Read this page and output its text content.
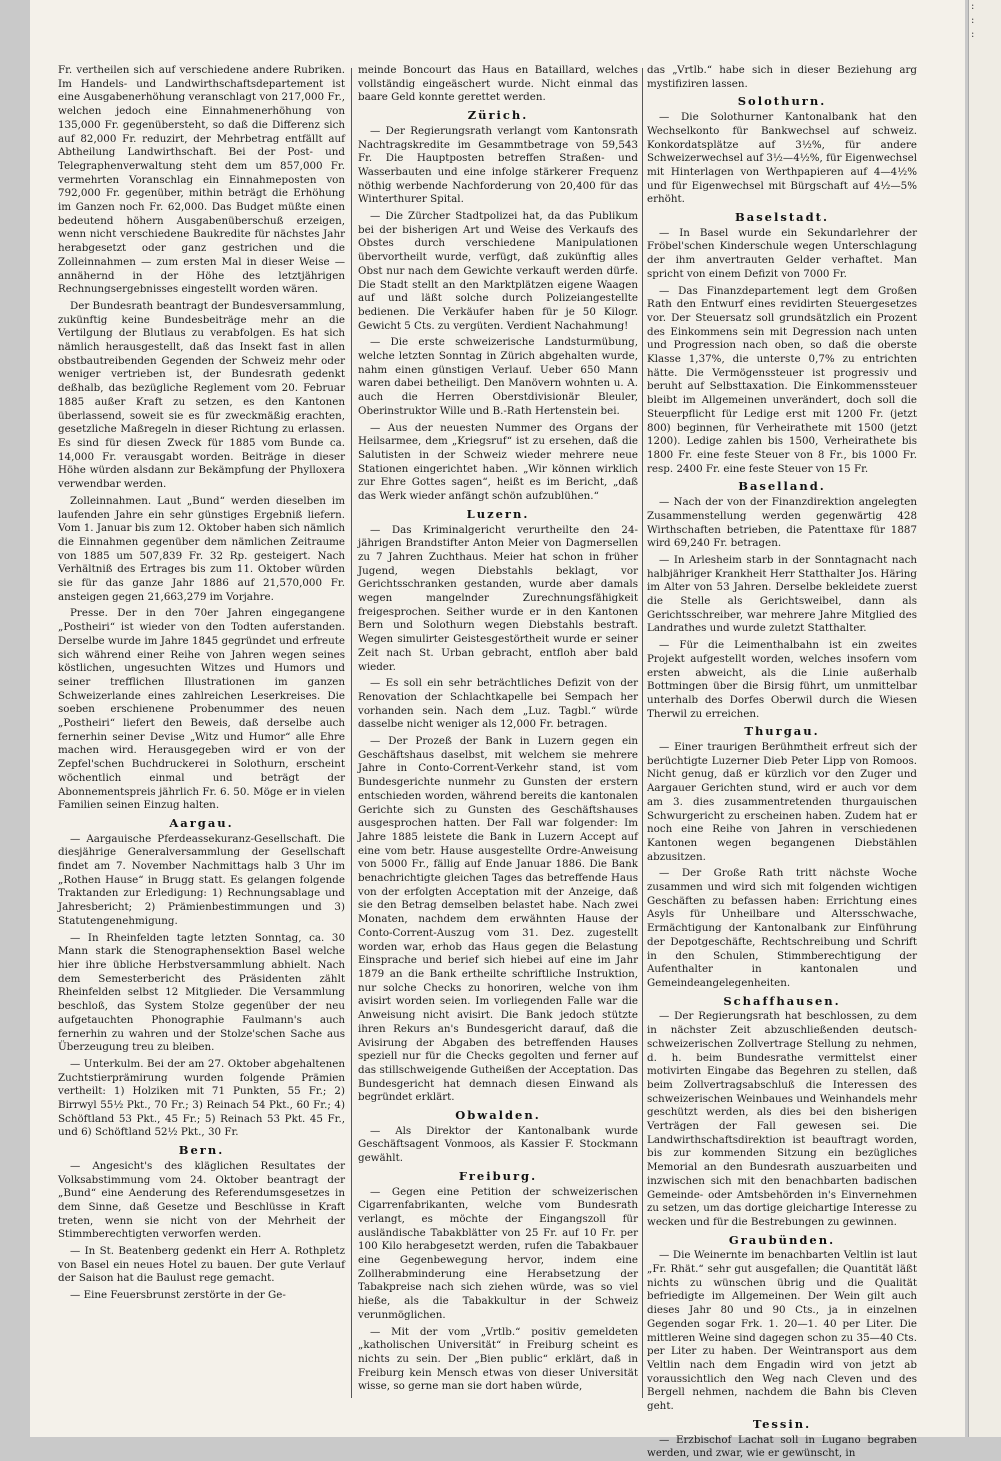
Fr. vertheilen sich auf verschiedene andere Rubriken. Im Handels- und Landwirthschaftsdepartement ist eine Ausgabenerhöhung veranschlagt von 217,000 Fr., welchen jedoch eine Einnahmenerhöhung von 135,000 Fr. gegenübersteht, so daß die Differenz sich auf 82,000 Fr. reduzirt, der Mehrbetrag entfällt auf Abtheilung Landwirthschaft. Bei der Post- und Telegraphenverwaltung steht dem um 857,000 Fr. vermehrten Voranschlag ein Einnahmeposten von 792,000 Fr. gegenüber, mithin beträgt die Erhöhung im Ganzen noch Fr. 62,000. Das Budget müßte einen bedeutend höhern Ausgabenüberschuß erzeigen, wenn nicht verschiedene Baukredite für nächstes Jahr herabgesetzt oder ganz gestrichen und die Zolleinnahmen — zum ersten Mal in dieser Weise — annähernd in der Höhe des letztjährigen Rechnungsergebnisses eingestellt worden wären.

Der Bundesrath beantragt der Bundesversammlung, zukünftig keine Bundesbeiträge mehr an die Vertilgung der Blutlaus zu verabfolgen. Es hat sich nämlich herausgestellt, daß das Insekt fast in allen obstbautreibenden Gegenden der Schweiz mehr oder weniger vertrieben ist, der Bundesrath gedenkt deßhalb, das bezügliche Reglement vom 20. Februar 1885 außer Kraft zu setzen, es den Kantonen überlassend, soweit sie es für zweckmäßig erachten, gesetzliche Maßregeln in dieser Richtung zu erlassen. Es sind für diesen Zweck für 1885 vom Bunde ca. 14,000 Fr. verausgabt worden. Beiträge in dieser Höhe würden alsdann zur Bekämpfung der Phylloxera verwendbar werden.

Zolleinnahmen. Laut „Bund“ werden dieselben im laufenden Jahre ein sehr günstiges Ergebniß liefern. Vom 1. Januar bis zum 12. Oktober haben sich nämlich die Einnahmen gegenüber dem nämlichen Zeitraume von 1885 um 507,839 Fr. 32 Rp. gesteigert. Nach Verhältniß des Ertrages bis zum 11. Oktober würden sie für das ganze Jahr 1886 auf 21,570,000 Fr. ansteigen gegen 21,663,279 im Vorjahre.

Presse. Der in den 70er Jahren eingegangene „Postheiri“ ist wieder von den Todten auferstanden. Derselbe wurde im Jahre 1845 gegründet und erfreute sich während einer Reihe von Jahren wegen seines köstlichen, ungesuchten Witzes und Humors und seiner trefflichen Illustrationen im ganzen Schweizerlande eines zahlreichen Leserkreises. Die soeben erschienene Probenummer des neuen „Postheiri“ liefert den Beweis, daß derselbe auch fernerhin seiner Devise „Witz und Humor“ alle Ehre machen wird. Herausgegeben wird er von der Zepfel'schen Buchdruckerei in Solothurn, erscheint wöchentlich einmal und beträgt der Abonnementspreis jährlich Fr. 6. 50. Möge er in vielen Familien seinen Einzug halten.

Aargau.

— Aargauische Pferdeassekuranz-Gesellschaft. Die diesjährige Generalversammlung der Gesellschaft findet am 7. November Nachmittags halb 3 Uhr im „Rothen Hause“ in Brugg statt. Es gelangen folgende Traktanden zur Erledigung: 1) Rechnungsablage und Jahresbericht; 2) Prämienbestimmungen und 3) Statutengenehmigung.

— In Rheinfelden tagte letzten Sonntag, ca. 30 Mann stark die Stenographensektion Basel welche hier ihre übliche Herbstversammlung abhielt. Nach dem Semesterbericht des Präsidenten zählt Rheinfelden selbst 12 Mitglieder. Die Versammlung beschloß, das System Stolze gegenüber der neu aufgetauchten Phonographie Faulmann's auch fernerhin zu wahren und der Stolze'schen Sache aus Überzeugung treu zu bleiben.

— Unterkulm. Bei der am 27. Oktober abgehaltenen Zuchtstierprämirung wurden folgende Prämien vertheilt: 1) Holziken mit 71 Punkten, 55 Fr.; 2) Birrwyl 55½ Pkt., 70 Fr.; 3) Reinach 54 Pkt., 60 Fr.; 4) Schöftland 53 Pkt., 45 Fr.; 5) Reinach 53 Pkt. 45 Fr., und 6) Schöftland 52½ Pkt., 30 Fr.

Bern.

— Angesicht's des kläglichen Resultates der Volksabstimmung vom 24. Oktober beantragt der „Bund“ eine Aenderung des Referendumsgesetzes in dem Sinne, daß Gesetze und Beschlüsse in Kraft treten, wenn sie nicht von der Mehrheit der Stimmberechtigten verworfen werden.

— In St. Beatenberg gedenkt ein Herr A. Rothpletz von Basel ein neues Hotel zu bauen. Der gute Verlauf der Saison hat die Baulust rege gemacht.

— Eine Feuersbrunst zerstörte in der Ge-

meinde Boncourt das Haus en Bataillard, welches vollständig eingeäschert wurde. Nicht einmal das baare Geld konnte gerettet werden.

Zürich.

— Der Regierungsrath verlangt vom Kantonsrath Nachtragskredite im Gesammtbetrage von 59,543 Fr. Die Hauptposten betreffen Straßen- und Wasserbauten und eine infolge stärkerer Frequenz nöthig werbende Nachforderung von 20,400 für das Winterthurer Spital.

— Die Zürcher Stadtpolizei hat, da das Publikum bei der bisherigen Art und Weise des Verkaufs des Obstes durch verschiedene Manipulationen übervortheilt wurde, verfügt, daß zukünftig alles Obst nur nach dem Gewichte verkauft werden dürfe. Die Stadt stellt an den Marktplätzen eigene Waagen auf und läßt solche durch Polizeiangestellte bedienen. Die Verkäufer haben für je 50 Kilogr. Gewicht 5 Cts. zu vergüten. Verdient Nachahmung!

— Die erste schweizerische Landsturmübung, welche letzten Sonntag in Zürich abgehalten wurde, nahm einen günstigen Verlauf. Ueber 650 Mann waren dabei betheiligt. Den Manövern wohnten u. A. auch die Herren Oberstdivisionär Bleuler, Oberinstruktor Wille und B.-Rath Hertenstein bei.

— Aus der neuesten Nummer des Organs der Heilsarmee, dem „Kriegsruf“ ist zu ersehen, daß die Salutisten in der Schweiz wieder mehrere neue Stationen eingerichtet haben. „Wir können wirklich zur Ehre Gottes sagen“, heißt es im Bericht, „daß das Werk wieder anfängt schön aufzublühen.“

Luzern.

— Das Kriminalgericht verurtheilte den 24-jährigen Brandstifter Anton Meier von Dagmersellen zu 7 Jahren Zuchthaus. Meier hat schon in früher Jugend, wegen Diebstahls beklagt, vor Gerichtsschranken gestanden, wurde aber damals wegen mangelnder Zurechnungsfähigkeit freigesprochen. Seither wurde er in den Kantonen Bern und Solothurn wegen Diebstahls bestraft. Wegen simulirter Geistesgestörtheit wurde er seiner Zeit nach St. Urban gebracht, entfloh aber bald wieder.

— Es soll ein sehr beträchtliches Defizit von der Renovation der Schlachtkapelle bei Sempach her vorhanden sein. Nach dem „Luz. Tagbl.“ würde dasselbe nicht weniger als 12,000 Fr. betragen.

— Der Prozeß der Bank in Luzern gegen ein Geschäftshaus daselbst, mit welchem sie mehrere Jahre in Conto-Corrent-Verkehr stand, ist vom Bundesgerichte nunmehr zu Gunsten der erstern entschieden worden, während bereits die kantonalen Gerichte sich zu Gunsten des Geschäftshauses ausgesprochen hatten. Der Fall war folgender: Im Jahre 1885 leistete die Bank in Luzern Accept auf eine vom betr. Hause ausgestellte Ordre-Anweisung von 5000 Fr., fällig auf Ende Januar 1886. Die Bank benachrichtigte gleichen Tages das betreffende Haus von der erfolgten Acceptation mit der Anzeige, daß sie den Betrag demselben belastet habe. Nach zwei Monaten, nachdem dem erwähnten Hause der Conto-Corrent-Auszug vom 31. Dez. zugestellt worden war, erhob das Haus gegen die Belastung Einsprache und berief sich hiebei auf eine im Jahr 1879 an die Bank ertheilte schriftliche Instruktion, nur solche Checks zu honoriren, welche von ihm avisirt worden seien. Im vorliegenden Falle war die Anweisung nicht avisirt. Die Bank jedoch stützte ihren Rekurs an's Bundesgericht darauf, daß die Avisirung der Abgaben des betreffenden Hauses speziell nur für die Checks gegolten und ferner auf das stillschweigende Gutheißen der Acceptation. Das Bundesgericht hat demnach diesen Einwand als begründet erklärt.

Obwalden.

— Als Direktor der Kantonalbank wurde Geschäftsagent Vonmoos, als Kassier F. Stockmann gewählt.

Freiburg.

— Gegen eine Petition der schweizerischen Cigarrenfabrikanten, welche vom Bundesrath verlangt, es möchte der Eingangszoll für ausländische Tabakblätter von 25 Fr. auf 10 Fr. per 100 Kilo herabgesetzt werden, rufen die Tabakbauer eine Gegenbewegung hervor, indem eine Zollherabminderung eine Herabsetzung der Tabakpreise nach sich ziehen würde, was so viel hieße, als die Tabakkultur in der Schweiz verunmöglichen.

— Mit der vom „Vrtlb.“ positiv gemeldeten „katholischen Universität“ in Freiburg scheint es nichts zu sein. Der „Bien public“ erklärt, daß in Freiburg kein Mensch etwas von dieser Universität wisse, so gerne man sie dort haben würde,

das „Vrtlb.“ habe sich in dieser Beziehung arg mystifiziren lassen.

Solothurn.

— Die Solothurner Kantonalbank hat den Wechselkonto für Bankwechsel auf schweiz. Konkordatsplätze auf 3½%, für andere Schweizerwechsel auf 3½—4½%, für Eigenwechsel mit Hinterlagen von Werthpapieren auf 4—4½% und für Eigenwechsel mit Bürgschaft auf 4½—5% erhöht.

Baselstadt.

— In Basel wurde ein Sekundarlehrer der Fröbel'schen Kinderschule wegen Unterschlagung der ihm anvertrauten Gelder verhaftet. Man spricht von einem Defizit von 7000 Fr.

— Das Finanzdepartement legt dem Großen Rath den Entwurf eines revidirten Steuergesetzes vor. Der Steuersatz soll grundsätzlich ein Prozent des Einkommens sein mit Degression nach unten und Progression nach oben, so daß die oberste Klasse 1,37%, die unterste 0,7% zu entrichten hätte. Die Vermögenssteuer ist progressiv und beruht auf Selbsttaxation. Die Einkommenssteuer bleibt im Allgemeinen unverändert, doch soll die Steuerpflicht für Ledige erst mit 1200 Fr. (jetzt 800) beginnen, für Verheirathete mit 1500 (jetzt 1200). Ledige zahlen bis 1500, Verheirathete bis 1800 Fr. eine feste Steuer von 8 Fr., bis 1000 Fr. resp. 2400 Fr. eine feste Steuer von 15 Fr.

Baselland.

— Nach der von der Finanzdirektion angelegten Zusammenstellung werden gegenwärtig 428 Wirthschaften betrieben, die Patenttaxe für 1887 wird 69,240 Fr. betragen.

— In Arlesheim starb in der Sonntagnacht nach halbjähriger Krankheit Herr Statthalter Jos. Häring im Alter von 53 Jahren. Derselbe bekleidete zuerst die Stelle als Gerichtsweibel, dann als Gerichtsschreiber, war mehrere Jahre Mitglied des Landrathes und wurde zuletzt Statthalter.

— Für die Leimenthalbahn ist ein zweites Projekt aufgestellt worden, welches insofern vom ersten abweicht, als die Linie außerhalb Bottmingen über die Birsig führt, um unmittelbar unterhalb des Dorfes Oberwil durch die Wiesen Therwil zu erreichen.

Thurgau.

— Einer traurigen Berühmtheit erfreut sich der berüchtigte Luzerner Dieb Peter Lipp von Romoos. Nicht genug, daß er kürzlich vor den Zuger und Aargauer Gerichten stund, wird er auch vor dem am 3. dies zusammentretenden thurgauischen Schwurgericht zu erscheinen haben. Zudem hat er noch eine Reihe von Jahren in verschiedenen Kantonen wegen begangenen Diebstählen abzusitzen.

— Der Große Rath tritt nächste Woche zusammen und wird sich mit folgenden wichtigen Geschäften zu befassen haben: Errichtung eines Asyls für Unheilbare und Altersschwache, Ermächtigung der Kantonalbank zur Einführung der Depotgeschäfte, Rechtschreibung und Schrift in den Schulen, Stimmberechtigung der Aufenthalter in kantonalen und Gemeindeangelegenheiten.

Schaffhausen.

— Der Regierungsrath hat beschlossen, zu dem in nächster Zeit abzuschließenden deutsch-schweizerischen Zollvertrage Stellung zu nehmen, d. h. beim Bundesrathe vermittelst einer motivirten Eingabe das Begehren zu stellen, daß beim Zollvertragsabschluß die Interessen des schweizerischen Weinbaues und Weinhandels mehr geschützt werden, als dies bei den bisherigen Verträgen der Fall gewesen sei. Die Landwirthschaftsdirektion ist beauftragt worden, bis zur kommenden Sitzung ein bezügliches Memorial an den Bundesrath auszuarbeiten und inzwischen sich mit den benachbarten badischen Gemeinde- oder Amtsbehörden in's Einvernehmen zu setzen, um das dortige gleichartige Interesse zu wecken und für die Bestrebungen zu gewinnen.

Graubünden.

— Die Weinernte im benachbarten Veltlin ist laut „Fr. Rhät.“ sehr gut ausgefallen; die Quantität läßt nichts zu wünschen übrig und die Qualität befriedigte im Allgemeinen. Der Wein gilt auch dieses Jahr 80 und 90 Cts., ja in einzelnen Gegenden sogar Frk. 1. 20—1. 40 per Liter. Die mittleren Weine sind dagegen schon zu 35—40 Cts. per Liter zu haben. Der Weintransport aus dem Veltlin nach dem Engadin wird von jetzt ab voraussichtlich den Weg nach Cleven und des Bergell nehmen, nachdem die Bahn bis Cleven geht.

Tessin.

— Erzbischof Lachat soll in Lugano begraben werden, und zwar, wie er gewünscht, in

:
:
:
